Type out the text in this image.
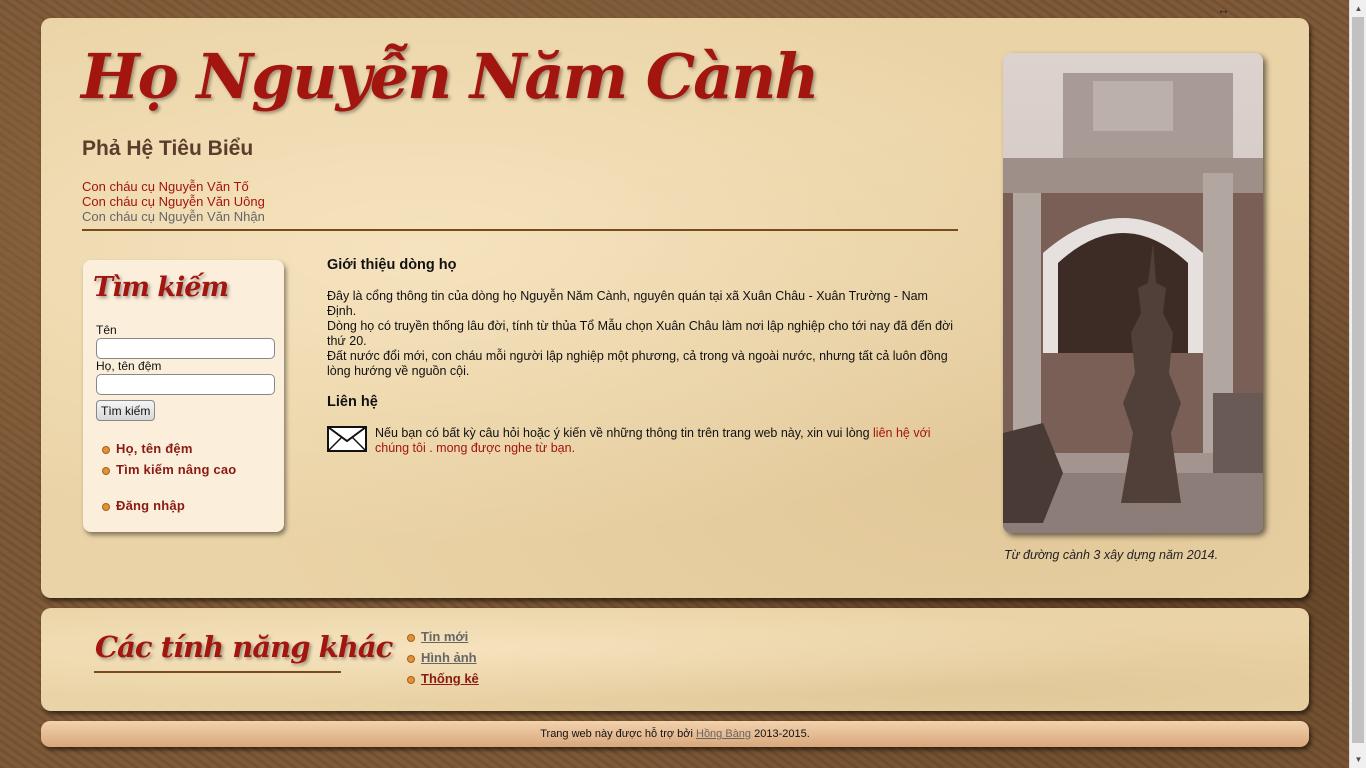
↔
Họ Nguyễn Năm Cành
Phả Hệ Tiêu Biểu
Con cháu cụ Nguyễn Văn Tố
Con cháu cụ Nguyễn Văn Uông
Con cháu cụ Nguyễn Văn Nhận
Tìm kiếm
Tên
Họ, tên đệm
Tìm kiếm
Họ, tên đệm
Tìm kiếm nâng cao
Đăng nhập
Giới thiệu dòng họ
Đây là cổng thông tin của dòng họ Nguyễn Năm Cành, nguyên quán tại xã Xuân Châu - Xuân Trường - Nam Định.
Dòng họ có truyền thống lâu đời, tính từ thủa Tổ Mẫu chọn Xuân Châu làm nơi lập nghiệp cho tới nay đã đến đời thứ 20.
Đất nước đổi mới, con cháu mỗi người lập nghiệp một phương, cả trong và ngoài nước, nhưng tất cả luôn đồng lòng hướng về nguồn cội.
Liên hệ
Nếu bạn có bất kỳ câu hỏi hoặc ý kiến về những thông tin trên trang web này, xin vui lòng liên hệ với chúng tôi . mong được nghe từ bạn.
Từ đường cành 3 xây dựng năm 2014.
Các tính năng khác	Tin mới
Hình ảnh
Thống kê
Trang web này được hỗ trợ bởi Hồng Bàng 2013-2015.
▲
▼
